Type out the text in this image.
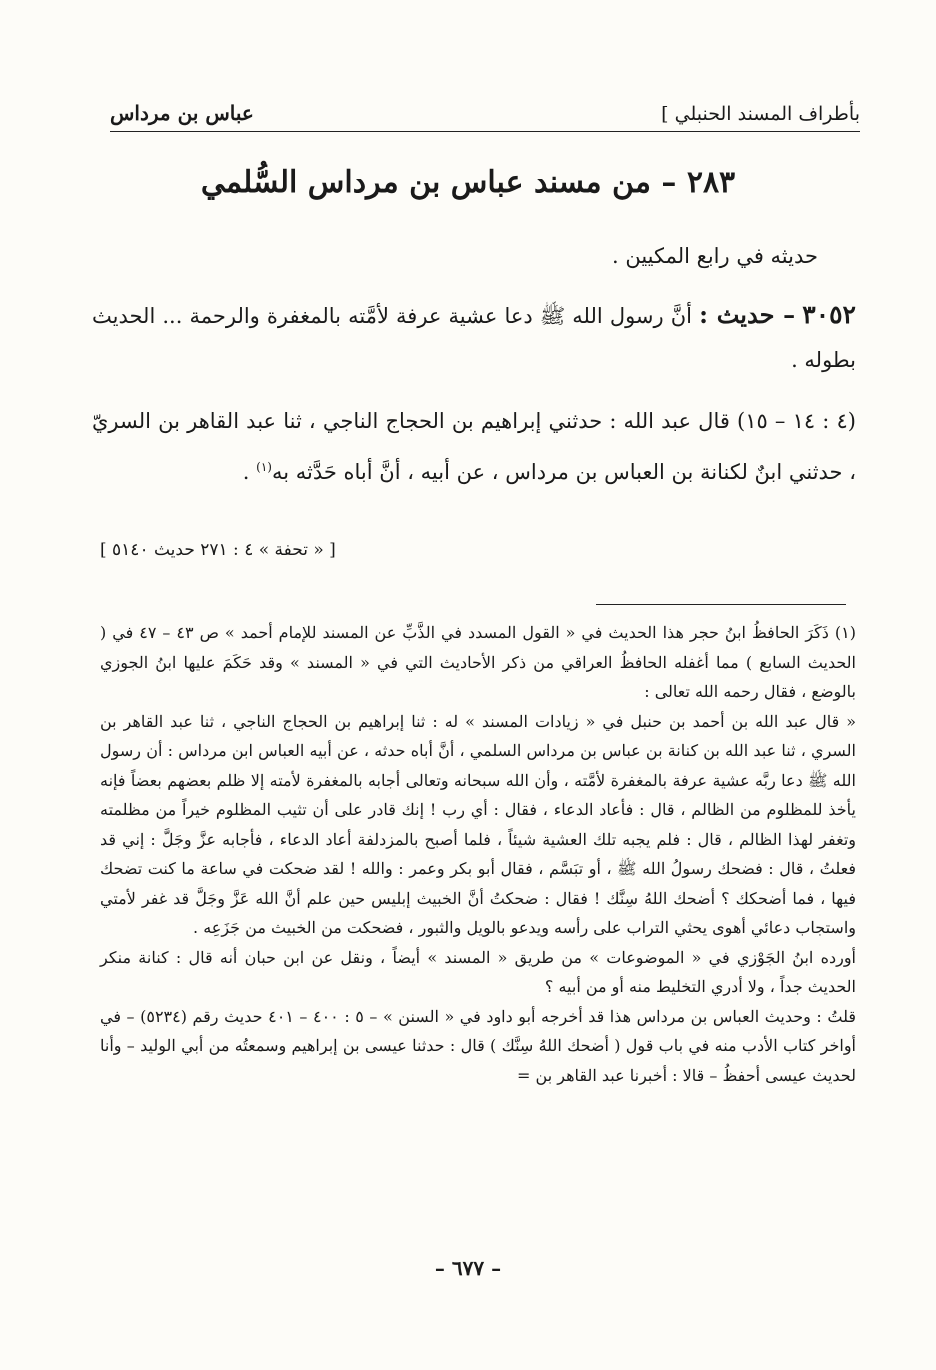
بأطراف المسند الحنبلي ]
عباس بن مرداس
٢٨٣ – من مسند عباس بن مرداس السُّلمي
حديثه في رابع المكيين .
٣٠٥٢ – حديث : أنَّ رسول الله ﷺ دعا عشية عرفة لأمَّته بالمغفرة والرحمة ... الحديث بطوله .
(٤ : ١٤ – ١٥) قال عبد الله : حدثني إبراهيم بن الحجاج الناجي ، ثنا عبد القاهر بن السريّ ، حدثني ابنٌ لكنانة بن العباس بن مرداس ، عن أبيه ، أنَّ أباه حَدَّثه به$^{(١)}$ .
[ « تحفة » ٤ : ٢٧١ حديث ٥١٤٠ ]

(١) ذَكَرَ الحافظُ ابنُ حجر هذا الحديث في « القول المسدد في الذَّبِّ عن المسند للإمام أحمد » ص ٤٣ – ٤٧ في ( الحديث السابع ) مما أغفله الحافظُ العراقي من ذكر الأحاديث التي في « المسند » وقد حَكَمَ عليها ابنُ الجوزي بالوضع ، فقال رحمه الله تعالى :

« قال عبد الله بن أحمد بن حنبل في « زيادات المسند » له : ثنا إبراهيم بن الحجاج الناجي ، ثنا عبد القاهر بن السري ، ثنا عبد الله بن كنانة بن عباس بن مرداس السلمي ، أنَّ أباه حدثه ، عن أبيه العباس ابن مرداس : أن رسول الله ﷺ دعا ربَّه عشية عرفة بالمغفرة لأمَّته ، وأن الله سبحانه وتعالى أجابه بالمغفرة لأمته إلا ظلم بعضهم بعضاً فإنه يأخذ للمظلوم من الظالم ، قال : فأعاد الدعاء ، فقال : أي رب ! إنك قادر على أن تثيب المظلوم خيراً من مظلمته وتغفر لهذا الظالم ، قال : فلم يجبه تلك العشية شيئاً ، فلما أصبح بالمزدلفة أعاد الدعاء ، فأجابه عزَّ وجَلَّ : إني قد فعلتُ ، قال : فضحك رسولُ الله ﷺ ، أو تبَسَّم ، فقال أبو بكر وعمر : والله ! لقد ضحكت في ساعة ما كنت تضحك فيها ، فما أضحكك ؟ أضحك اللهُ سِنَّك ! فقال : ضحكتُ أنَّ الخبيث إبليس حين علم أنَّ الله عَزَّ وجَلَّ قد غفر لأمتي واستجاب دعائي أهوى يحثي التراب على رأسه ويدعو بالويل والثبور ، فضحكت من الخبيث من جَزَعِه .

أورده ابنُ الجَوْزي في « الموضوعات » من طريق « المسند » أيضاً ، ونقل عن ابن حبان أنه قال : كنانة منكر الحديث جداً ، ولا أدري التخليط منه أو من أبيه ؟

قلتُ : وحديث العباس بن مرداس هذا قد أخرجه أبو داود في « السنن » – ٥ : ٤٠٠ – ٤٠١ حديث رقم (٥٢٣٤) – في أواخر كتاب الأدب منه في باب قول ( أضحك اللهُ سِنَّك ) قال : حدثنا عيسى بن إبراهيم وسمعتُه من أبي الوليد – وأنا لحديث عيسى أحفظُ – قالا : أخبرنا عبد القاهر بن =

– ٦٧٧ –
